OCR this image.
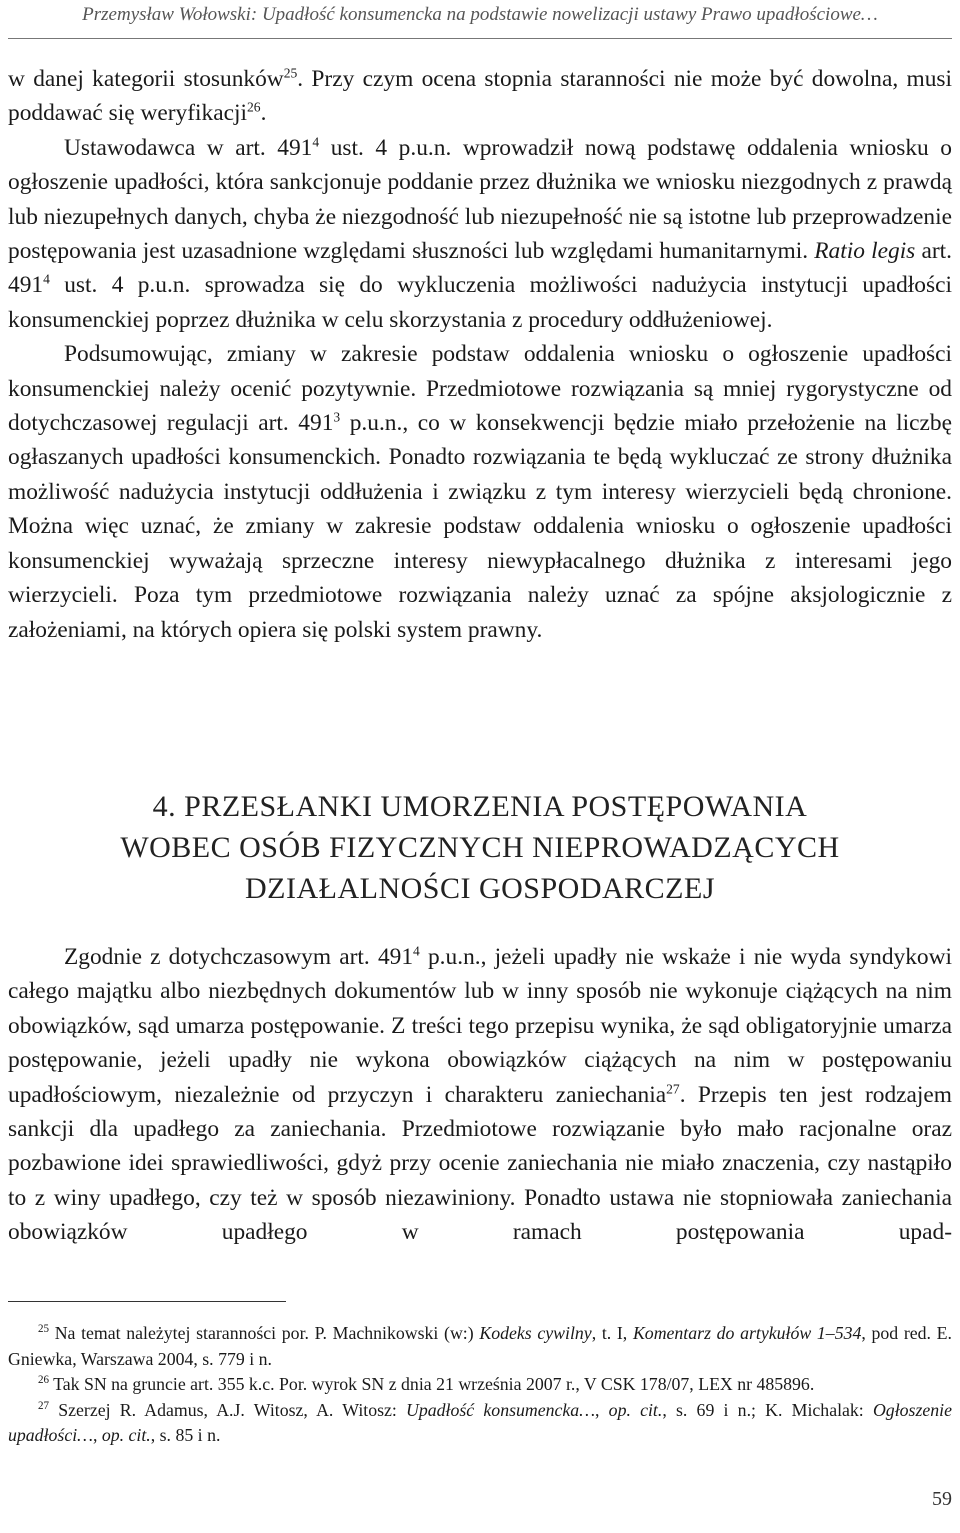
Przemysław Wołowski: Upadłość konsumencka na podstawie nowelizacji ustawy Prawo upadłościowe…

w danej kategorii stosunków$^{25}$. Przy czym ocena stopnia staranności nie może być dowolna, musi poddawać się weryfikacji$^{26}$.

Ustawodawca w art. $491^4$ ust. 4 p.u.n. wprowadził nową podstawę oddalenia wniosku o ogłoszenie upadłości, która sankcjonuje poddanie przez dłużnika we wniosku niezgodnych z prawdą lub niezupełnych danych, chyba że niezgodność lub niezupełność nie są istotne lub przeprowadzenie postępowania jest uzasadnione względami słuszności lub względami humanitarnymi. Ratio legis art. $491^4$ ust. 4 p.u.n. sprowadza się do wykluczenia możliwości nadużycia instytucji upadłości konsumenckiej poprzez dłużnika w celu skorzystania z procedury oddłużeniowej.

Podsumowując, zmiany w zakresie podstaw oddalenia wniosku o ogłoszenie upadłości konsumenckiej należy ocenić pozytywnie. Przedmiotowe rozwiązania są mniej rygorystyczne od dotychczasowej regulacji art. $491^3$ p.u.n., co w konsekwencji będzie miało przełożenie na liczbę ogłaszanych upadłości konsumenckich. Ponadto rozwiązania te będą wykluczać ze strony dłużnika możliwość nadużycia instytucji oddłużenia i związku z tym interesy wierzycieli będą chronione. Można więc uznać, że zmiany w zakresie podstaw oddalenia wniosku o ogłoszenie upadłości konsumenckiej wyważają sprzeczne interesy niewypłacalnego dłużnika z interesami jego wierzycieli. Poza tym przedmiotowe rozwiązania należy uznać za spójne aksjologicznie z założeniami, na których opiera się polski system prawny.

4. PRZESŁANKI UMORZENIA POSTĘPOWANIA
WOBEC OSÓB FIZYCZNYCH NIEPROWADZĄCYCH
DZIAŁALNOŚCI GOSPODARCZEJ

Zgodnie z dotychczasowym art. $491^4$ p.u.n., jeżeli upadły nie wskaże i nie wyda syndykowi całego majątku albo niezbędnych dokumentów lub w inny sposób nie wykonuje ciążących na nim obowiązków, sąd umarza postępowanie. Z treści tego przepisu wynika, że sąd obligatoryjnie umarza postępowanie, jeżeli upadły nie wykona obowiązków ciążących na nim w postępowaniu upadłościowym, niezależnie od przyczyn i charakteru zaniechania$^{27}$. Przepis ten jest rodzajem sankcji dla upadłego za zaniechania. Przedmiotowe rozwiązanie było mało racjonalne oraz pozbawione idei sprawiedliwości, gdyż przy ocenie zaniechania nie miało znaczenia, czy nastąpiło to z winy upadłego, czy też w sposób niezawiniony. Ponadto ustawa nie stopniowała zaniechania obowiązków upadłego w ramach postępowania upad-

$^{25}$ Na temat należytej staranności por. P. Machnikowski (w:) Kodeks cywilny, t. I, Komentarz do artykułów 1–534, pod red. E. Gniewka, Warszawa 2004, s. 779 i n.

$^{26}$ Tak SN na gruncie art. 355 k.c. Por. wyrok SN z dnia 21 września 2007 r., V CSK 178/07, LEX nr 485896.

$^{27}$ Szerzej R. Adamus, A.J. Witosz, A. Witosz: Upadłość konsumencka…, op. cit., s. 69 i n.; K. Michalak: Ogłoszenie upadłości…, op. cit., s. 85 i n.

59
